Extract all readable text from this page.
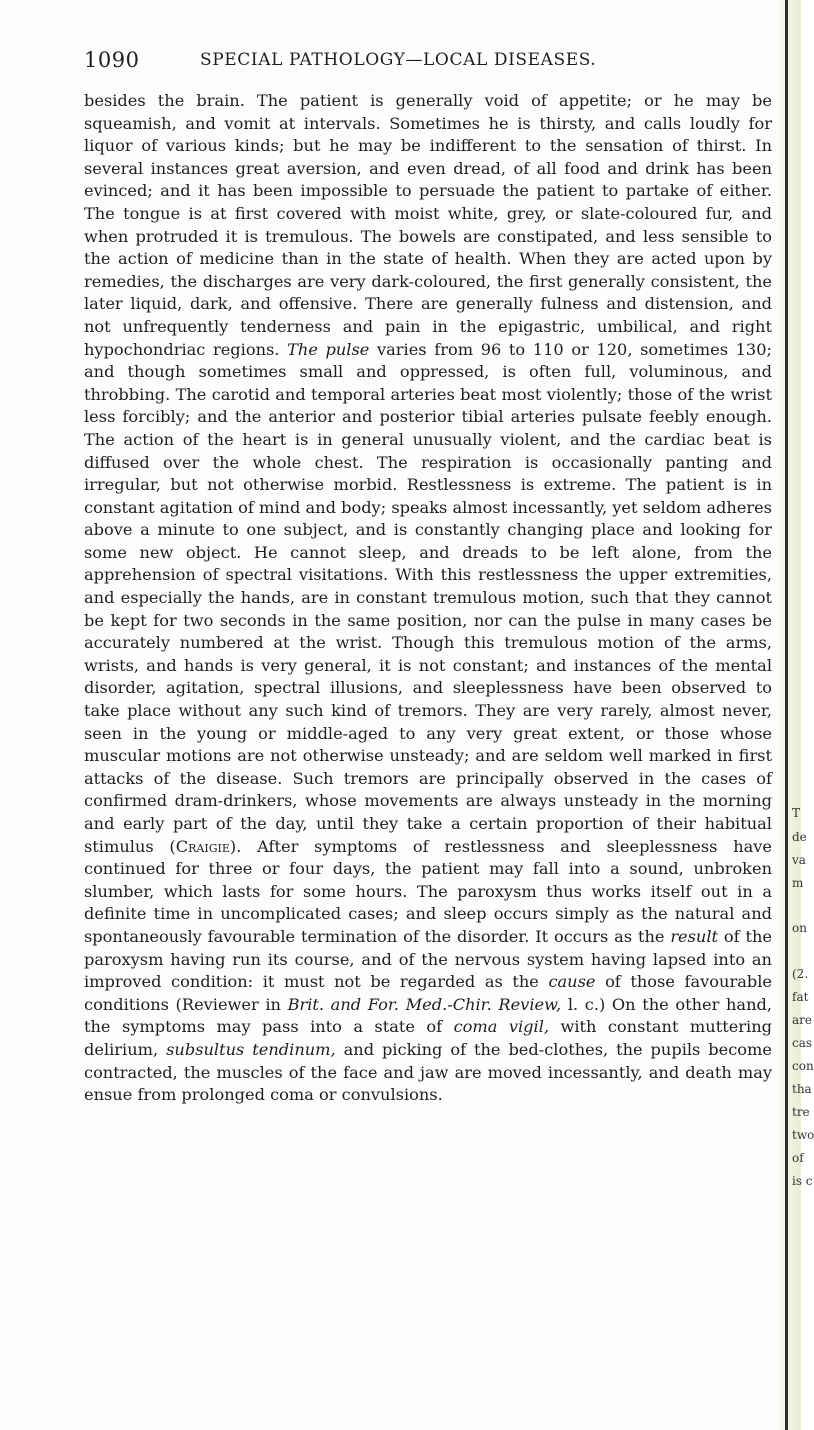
1090	SPECIAL PATHOLOGY—LOCAL DISEASES.

besides the brain. The patient is generally void of appetite; or he may be squeamish, and vomit at intervals. Sometimes he is thirsty, and calls loudly for liquor of various kinds; but he may be indifferent to the sensation of thirst. In several instances great aversion, and even dread, of all food and drink has been evinced; and it has been impossible to persuade the patient to partake of either. The tongue is at first covered with moist white, grey, or slate-coloured fur, and when protruded it is tremulous. The bowels are constipated, and less sensible to the action of medicine than in the state of health. When they are acted upon by remedies, the discharges are very dark-coloured, the first generally consistent, the later liquid, dark, and offensive. There are generally fulness and distension, and not unfrequently tenderness and pain in the epigastric, umbilical, and right hypochondriac regions. The pulse varies from 96 to 110 or 120, sometimes 130; and though sometimes small and oppressed, is often full, voluminous, and throbbing. The carotid and temporal arteries beat most violently; those of the wrist less forcibly; and the anterior and posterior tibial arteries pulsate feebly enough. The action of the heart is in general unusually violent, and the cardiac beat is diffused over the whole chest. The respiration is occasionally panting and irregular, but not otherwise morbid. Restlessness is extreme. The patient is in constant agitation of mind and body; speaks almost incessantly, yet seldom adheres above a minute to one subject, and is constantly changing place and looking for some new object. He cannot sleep, and dreads to be left alone, from the apprehension of spectral visitations. With this restlessness the upper extremities, and especially the hands, are in constant tremulous motion, such that they cannot be kept for two seconds in the same position, nor can the pulse in many cases be accurately numbered at the wrist. Though this tremulous motion of the arms, wrists, and hands is very general, it is not constant; and instances of the mental disorder, agitation, spectral illusions, and sleeplessness have been observed to take place without any such kind of tremors. They are very rarely, almost never, seen in the young or middle-aged to any very great extent, or those whose muscular motions are not otherwise unsteady; and are seldom well marked in first attacks of the disease. Such tremors are principally observed in the cases of confirmed dram-drinkers, whose movements are always unsteady in the morning and early part of the day, until they take a certain proportion of their habitual stimulus (Craigie). After symptoms of restlessness and sleeplessness have continued for three or four days, the patient may fall into a sound, unbroken slumber, which lasts for some hours. The paroxysm thus works itself out in a definite time in uncomplicated cases; and sleep occurs simply as the natural and spontaneously favourable termination of the disorder. It occurs as the result of the paroxysm having run its course, and of the nervous system having lapsed into an improved condition: it must not be regarded as the cause of those favourable conditions (Reviewer in Brit. and For. Med.-Chir. Review, l. c.) On the other hand, the symptoms may pass into a state of coma vigil, with constant muttering delirium, subsultus tendinum, and picking of the bed-clothes, the pupils become contracted, the muscles of the face and jaw are moved incessantly, and death may ensue from prolonged coma or convulsions.

T
de
va
m
on
(2.
fat
are
cas
con
tha
tre
two
of
is c
